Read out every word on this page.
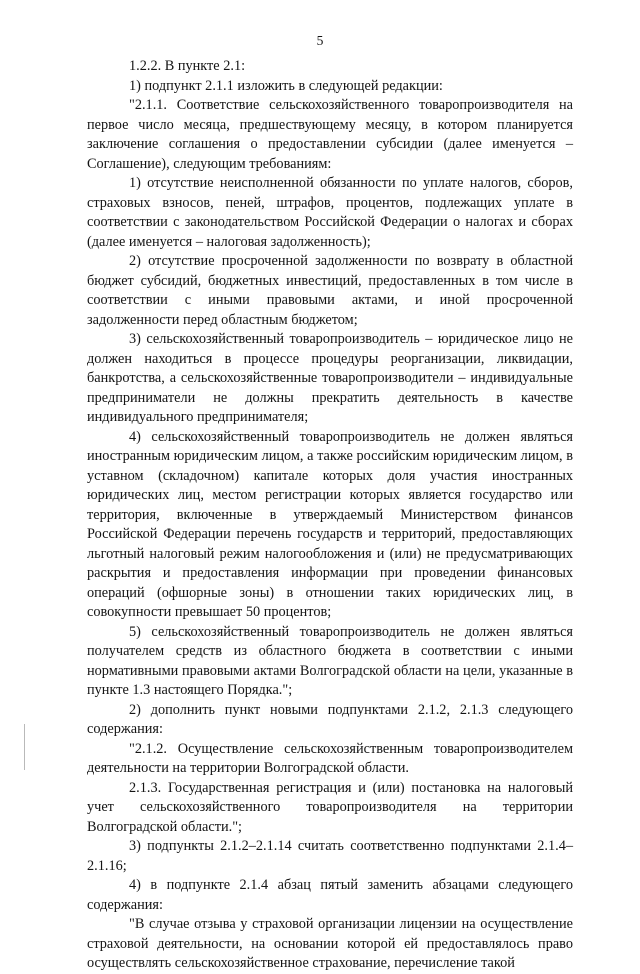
5

1.2.2. В пункте 2.1:

1) подпункт 2.1.1 изложить в следующей редакции:

"2.1.1. Соответствие сельскохозяйственного товаропроизводителя на первое число месяца, предшествующему месяцу, в котором планируется заключение соглашения о предоставлении субсидии (далее именуется – Соглашение), следующим требованиям:

1) отсутствие неисполненной обязанности по уплате налогов, сборов, страховых взносов, пеней, штрафов, процентов, подлежащих уплате в соответствии с законодательством Российской Федерации о налогах и сборах (далее именуется – налоговая задолженность);

2) отсутствие просроченной задолженности по возврату в областной бюджет субсидий, бюджетных инвестиций, предоставленных в том числе в соответствии с иными правовыми актами, и иной просроченной задолженности перед областным бюджетом;

3) сельскохозяйственный товаропроизводитель – юридическое лицо не должен находиться в процессе процедуры реорганизации, ликвидации, банкротства, а сельскохозяйственные товаропроизводители – индивидуальные предприниматели не должны прекратить деятельность в качестве индивидуального предпринимателя;

4) сельскохозяйственный товаропроизводитель не должен являться иностранным юридическим лицом, а также российским юридическим лицом, в уставном (складочном) капитале которых доля участия иностранных юридических лиц, местом регистрации которых является государство или территория, включенные в утверждаемый Министерством финансов Российской Федерации перечень государств и территорий, предоставляющих льготный налоговый режим налогообложения и (или) не предусматривающих раскрытия и предоставления информации при проведении финансовых операций (офшорные зоны) в отношении таких юридических лиц, в совокупности превышает 50 процентов;

5) сельскохозяйственный товаропроизводитель не должен являться получателем средств из областного бюджета в соответствии с иными нормативными правовыми актами Волгоградской области на цели, указанные в пункте 1.3 настоящего Порядка.";

2) дополнить пункт новыми подпунктами 2.1.2, 2.1.3 следующего содержания:

"2.1.2. Осуществление сельскохозяйственным товаропроизводителем деятельности на территории Волгоградской области.

2.1.3. Государственная регистрация и (или) постановка на налоговый учет сельскохозяйственного товаропроизводителя на территории Волгоградской области.";

3) подпункты 2.1.2–2.1.14 считать соответственно подпунктами 2.1.4–2.1.16;

4) в подпункте 2.1.4 абзац пятый заменить абзацами следующего содержания:

"В случае отзыва у страховой организации лицензии на осуществление страховой деятельности, на основании которой ей предоставлялось право осуществлять сельскохозяйственное страхование, перечисление такой
